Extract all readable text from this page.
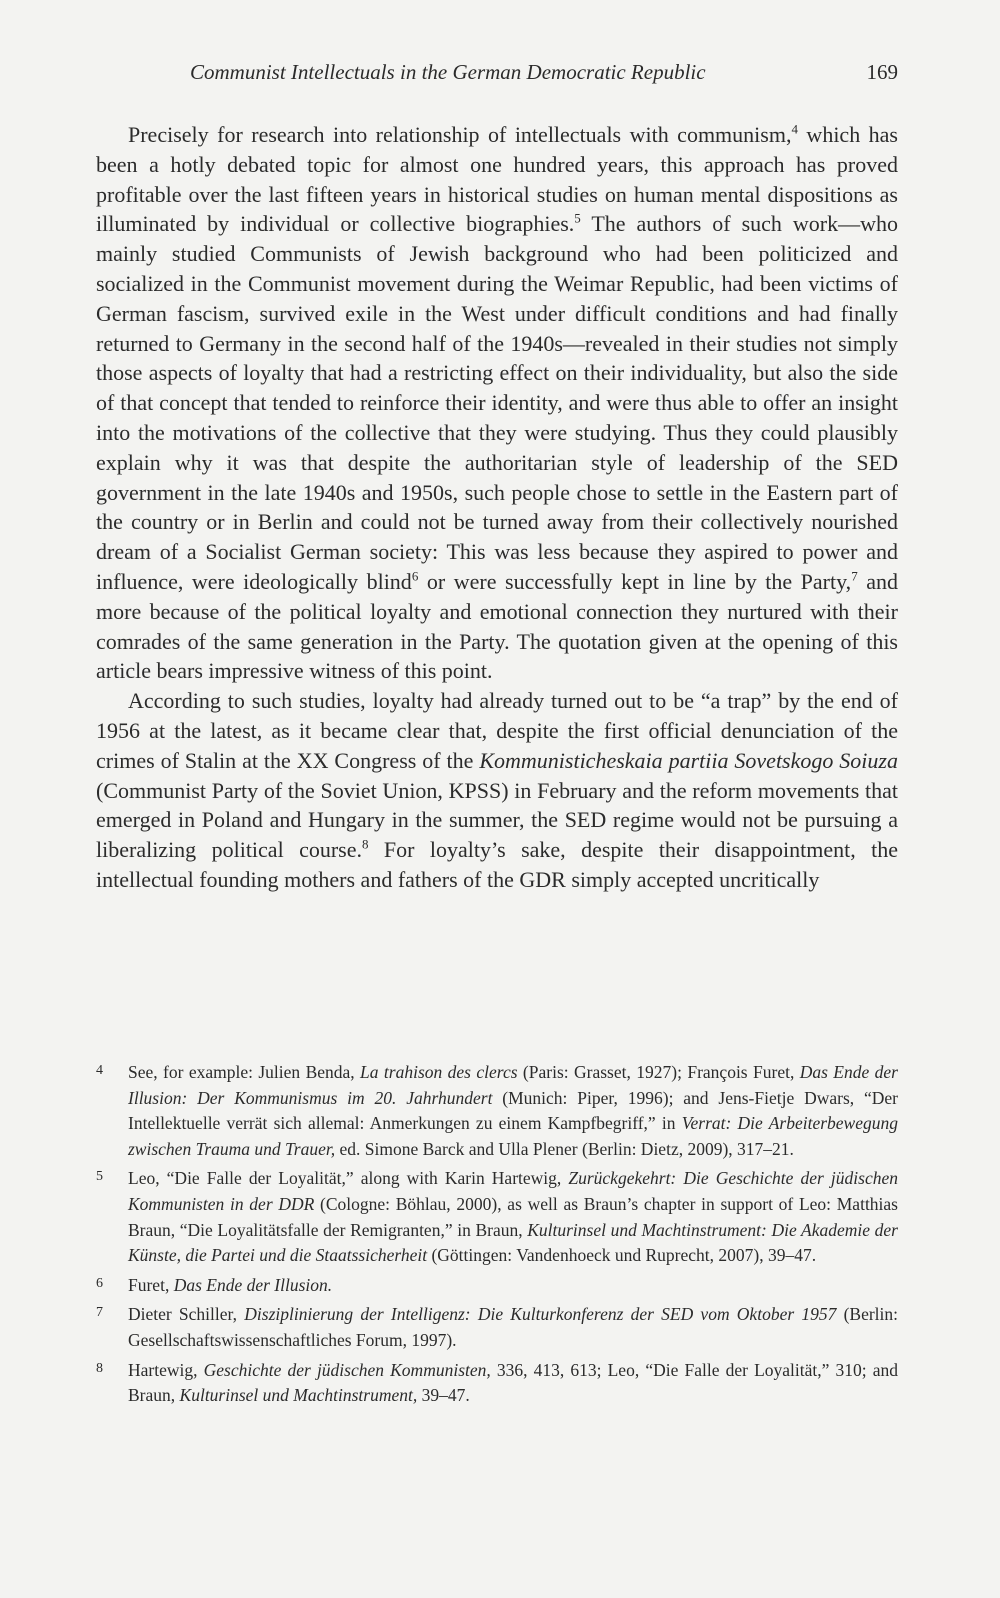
Communist Intellectuals in the German Democratic Republic	169

Precisely for research into relationship of intellectuals with communism,$^4$ which has been a hotly debated topic for almost one hundred years, this approach has proved profitable over the last fifteen years in historical studies on human mental dispositions as illuminated by individual or collective biographies.$^5$ The authors of such work—who mainly studied Communists of Jewish background who had been politicized and socialized in the Communist movement during the Weimar Republic, had been victims of German fascism, survived exile in the West under difficult conditions and had finally returned to Germany in the second half of the 1940s—revealed in their studies not simply those aspects of loyalty that had a restricting effect on their individuality, but also the side of that concept that tended to reinforce their identity, and were thus able to offer an insight into the motivations of the collective that they were studying. Thus they could plausibly explain why it was that despite the authoritarian style of leadership of the SED government in the late 1940s and 1950s, such people chose to settle in the Eastern part of the country or in Berlin and could not be turned away from their collectively nourished dream of a Socialist German society: This was less because they aspired to power and influence, were ideologically blind$^6$ or were successfully kept in line by the Party,$^7$ and more because of the political loyalty and emotional connection they nurtured with their comrades of the same generation in the Party. The quotation given at the opening of this article bears impressive witness of this point.

According to such studies, loyalty had already turned out to be “a trap” by the end of 1956 at the latest, as it became clear that, despite the first official denunciation of the crimes of Stalin at the XX Congress of the Kommunisticheskaia partiia Sovetskogo Soiuza (Communist Party of the Soviet Union, KPSS) in February and the reform movements that emerged in Poland and Hungary in the summer, the SED regime would not be pursuing a liberalizing political course.$^8$ For loyalty’s sake, despite their disappointment, the intellectual founding mothers and fathers of the GDR simply accepted uncritically

4 See, for example: Julien Benda, La trahison des clercs (Paris: Grasset, 1927); François Furet, Das Ende der Illusion: Der Kommunismus im 20. Jahrhundert (Munich: Piper, 1996); and Jens-Fietje Dwars, “Der Intellektuelle verrät sich allemal: Anmerkungen zu einem Kampfbegriff,” in Verrat: Die Arbeiterbewegung zwischen Trauma und Trauer, ed. Simone Barck and Ulla Plener (Berlin: Dietz, 2009), 317–21.
5 Leo, “Die Falle der Loyalität,” along with Karin Hartewig, Zurückgekehrt: Die Geschichte der jüdischen Kommunisten in der DDR (Cologne: Böhlau, 2000), as well as Braun’s chapter in support of Leo: Matthias Braun, “Die Loyalitätsfalle der Remigranten,” in Braun, Kulturinsel und Machtinstrument: Die Akademie der Künste, die Partei und die Staatssicherheit (Göttingen: Vandenhoeck und Ruprecht, 2007), 39–47.
6 Furet, Das Ende der Illusion.
7 Dieter Schiller, Disziplinierung der Intelligenz: Die Kulturkonferenz der SED vom Oktober 1957 (Berlin: Gesellschaftswissenschaftliches Forum, 1997).
8 Hartewig, Geschichte der jüdischen Kommunisten, 336, 413, 613; Leo, “Die Falle der Loyalität,” 310; and Braun, Kulturinsel und Machtinstrument, 39–47.
